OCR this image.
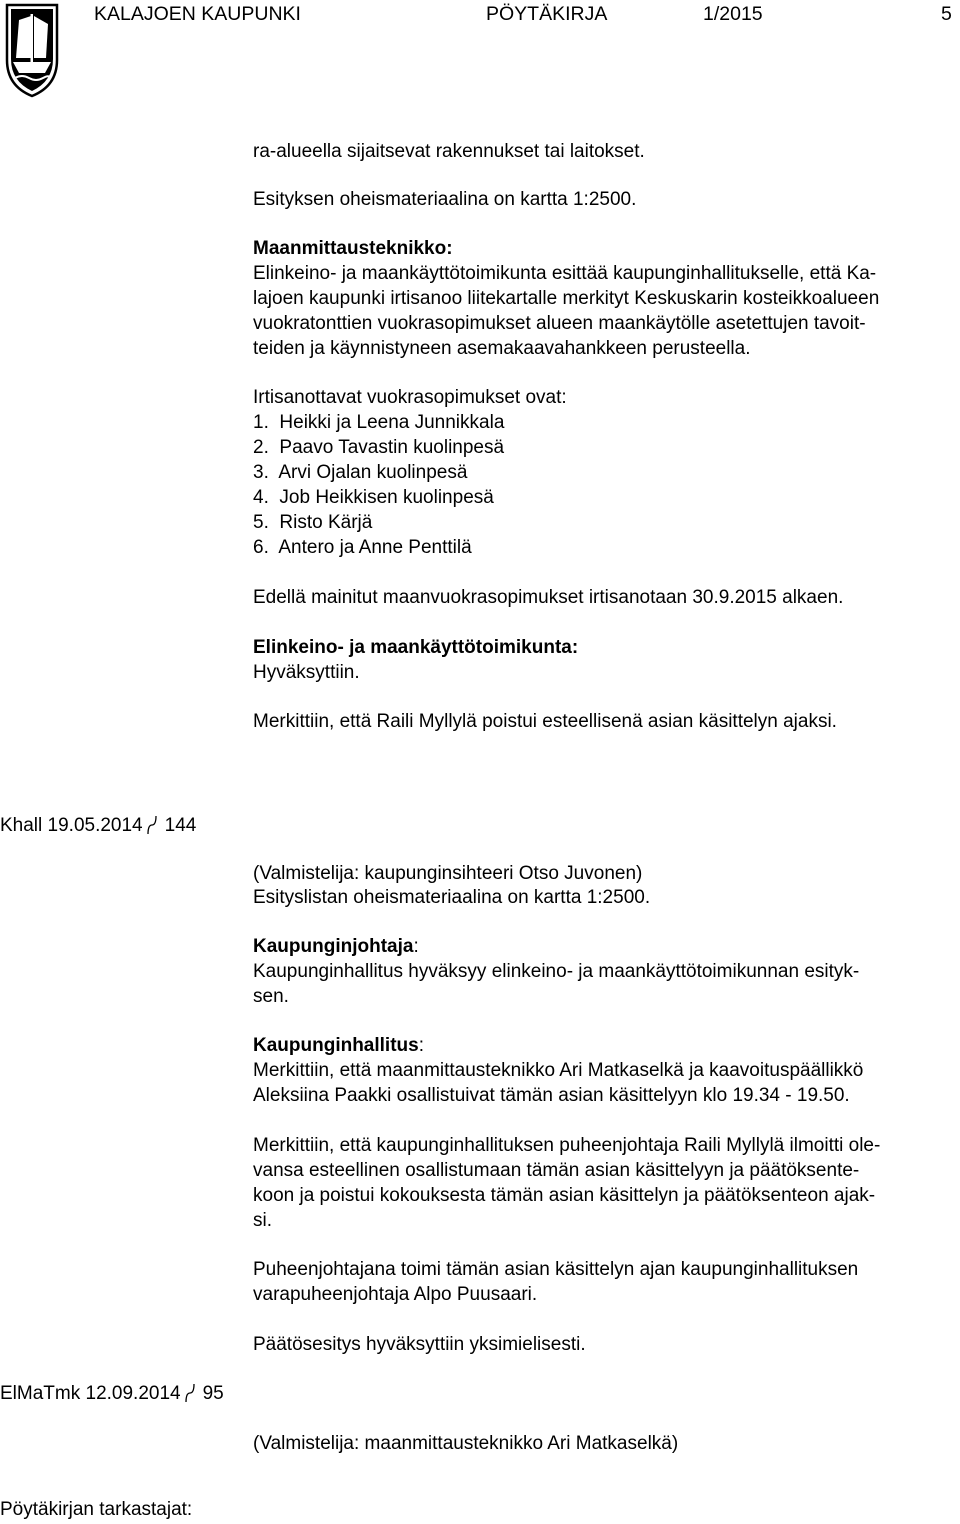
KALAJOEN KAUPUNKI	PÖYTÄKIRJA	1/2015	5
ra-alueella sijaitsevat rakennukset tai laitokset.
Esityksen oheismateriaalina on kartta 1:2500.
Maanmittausteknikko:
Elinkeino- ja maankäyttötoimikunta esittää kaupunginhallitukselle, että Ka-
lajoen kaupunki irtisanoo liitekartalle merkityt Keskuskarin kosteikkoalueen
vuokratonttien vuokrasopimukset alueen maankäytölle asetettujen tavoit-
teiden ja käynnistyneen asemakaavahankkeen perusteella.
Irtisanottavat vuokrasopimukset ovat:
1. Heikki ja Leena Junnikkala
2. Paavo Tavastin kuolinpesä
3. Arvi Ojalan kuolinpesä
4. Job Heikkisen kuolinpesä
5. Risto Kärjä
6. Antero ja Anne Penttilä
Edellä mainitut maanvuokrasopimukset irtisanotaan 30.9.2015 alkaen.
Elinkeino- ja maankäyttötoimikunta:
Hyväksyttiin.
Merkittiin, että Raili Myllylä poistui esteellisenä asian käsittelyn ajaksi.
Khall 19.05.2014 144
(Valmistelija: kaupunginsihteeri Otso Juvonen)
Esityslistan oheismateriaalina on kartta 1:2500.
Kaupunginjohtaja:
Kaupunginhallitus hyväksyy elinkeino- ja maankäyttötoimikunnan esityk-
sen.
Kaupunginhallitus:
Merkittiin, että maanmittausteknikko Ari Matkaselkä ja kaavoituspäällikkö
Aleksiina Paakki osallistuivat tämän asian käsittelyyn klo 19.34 - 19.50.
Merkittiin, että kaupunginhallituksen puheenjohtaja Raili Myllylä ilmoitti ole-
vansa esteellinen osallistumaan tämän asian käsittelyyn ja päätöksente-
koon ja poistui kokouksesta tämän asian käsittelyn ja päätöksenteon ajak-
si.
Puheenjohtajana toimi tämän asian käsittelyn ajan kaupunginhallituksen
varapuheenjohtaja Alpo Puusaari.
Päätösesitys hyväksyttiin yksimielisesti.
ElMaTmk 12.09.2014 95
(Valmistelija: maanmittausteknikko Ari Matkaselkä)
Pöytäkirjan tarkastajat:
